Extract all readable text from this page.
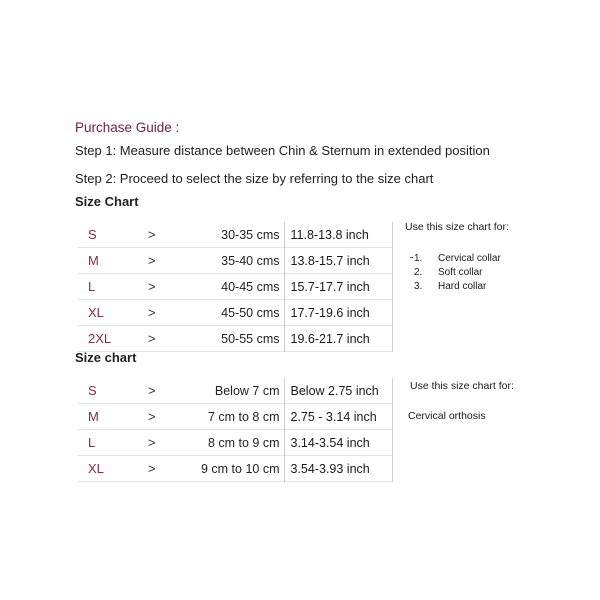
Purchase Guide :
Step 1: Measure distance between Chin & Sternum in extended position
Step 2: Proceed to select the size by referring to the size chart
Size Chart
S	>	30-35 cms	11.8-13.8 inch
M	>	35-40 cms	13.8-15.7 inch
L	>	40-45 cms	15.7-17.7 inch
XL	>	45-50 cms	17.7-19.6 inch
2XL	>	50-55 cms	19.6-21.7 inch
Use this size chart for:
1. Cervical collar
2. Soft collar
3. Hard collar
Size chart
S	>	Below 7 cm	Below 2.75 inch
M	>	7 cm to 8 cm	2.75 - 3.14 inch
L	>	8 cm to 9 cm	3.14-3.54 inch
XL	>	9 cm to 10 cm	3.54-3.93 inch
Use this size chart for:
Cervical orthosis
